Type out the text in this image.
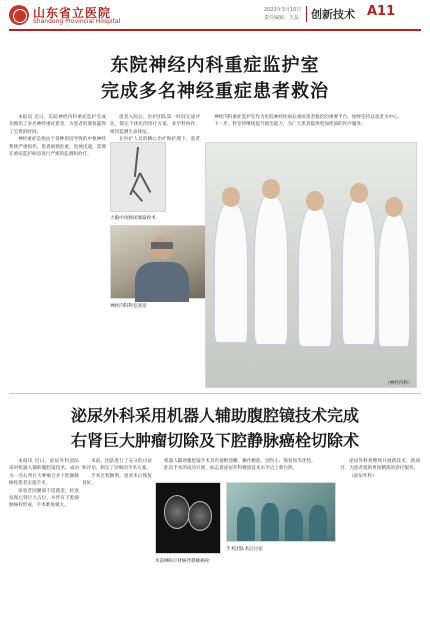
山东省立医院
Shandong Provincial Hospital
2023年3月10日
责任编辑：王晶 创新技术 A11
东院神经内科重症监护室
完成多名神经重症患者救治

本报讯 近日，东院神经内科重症监护室成功救治了多名神经重症患者，为患者的康复赢得了宝贵的时间。

神经重症是指由于各种原因导致的中枢神经系统严重损伤，患者病情危重、进展迅速，需要在重症监护病房进行严密的监测和治疗。

患者入院后，医护团队第一时间完成评估，制定个体化的诊疗方案，多学科协作，密切监测生命体征。

在医护人员的精心治疗和护理下，患者

神经内科重症监护室作为医院神经疾病危重症患者救治的重要平台，始终坚持以患者为中心。

下一步，科室将继续提升救治能力，为广大患者提供更加优质的医疗服务。

大脑中动脉闭塞取栓术
神经内科科室查房
（神经内科）
泌尿外科采用机器人辅助腹腔镜技术完成
右肾巨大肿瘤切除及下腔静脉癌栓切除术

本报讯 近日，泌尿外科团队采用机器人辅助腹腔镜技术，成功为一名右肾巨大肿瘤合并下腔静脉癌栓患者实施手术。

该患者因腰部不适就诊，检查发现右肾巨大占位，并伴有下腔静脉癌栓形成，手术难度极大。

术前，团队进行了充分的讨论和评估，制定了详细的手术方案。

手术过程顺利，患者术后恢复良好。

机器人辅助腹腔镜手术具有视野清晰、操作精准、创伤小、恢复快等优势。

此次手术的成功开展，标志着泌尿外科微创技术水平迈上新台阶。

泌尿外科将继续开展新技术、新项目，为患者提供更加精准的诊疗服务。

（泌尿外科）

术前MRI示肾癌伴静脉癌栓
手术团队术后讨论
